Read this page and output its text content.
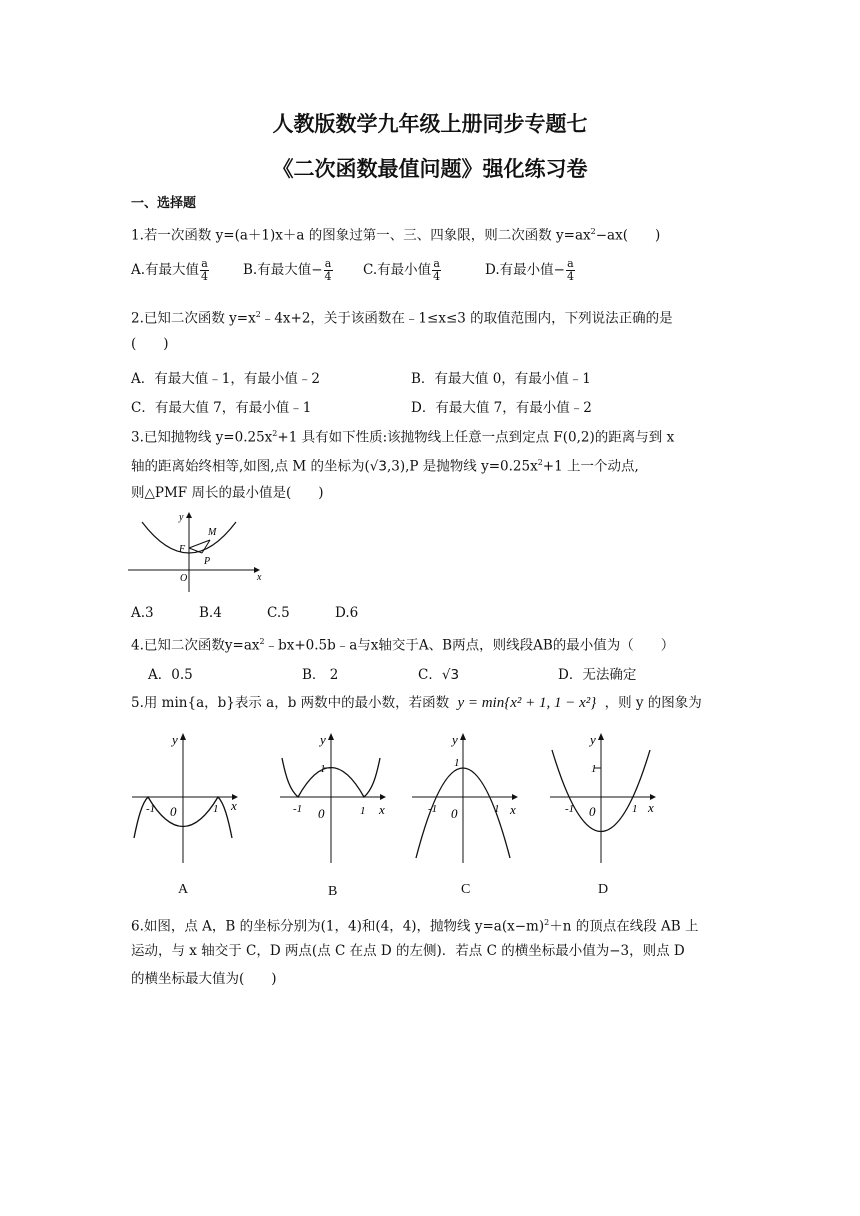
人教版数学九年级上册同步专题七
《二次函数最值问题》强化练习卷
一、选择题
1.若一次函数 y=(a＋1)x＋a 的图象过第一、三、四象限，则二次函数 $y=ax^2-ax$(　　)
A.有最大值 $\frac{a}{4}$	B.有最大值− $\frac{a}{4} C$.有最小值 $\frac{a}{4}$	D.有最小值− $\frac{a}{4}$
2.已知二次函数 $y=x^2﹣4x+2$，关于该函数在﹣1≤x≤3 的取值范围内，下列说法正确的是
(　　)
A．有最大值﹣1，有最小值﹣2	B．有最大值 0，有最小值﹣1
C．有最大值 7，有最小值﹣1	D．有最大值 7，有最小值﹣2
3.已知抛物线 $y=0.25x^2+1$ 具有如下性质:该抛物线上任意一点到定点 F(0,2)的距离与到 x
轴的距离始终相等,如图,点 M 的坐标为(√3,3),P 是抛物线 $y=0.25x^2+1$ 上一个动点,
则△PMF 周长的最小值是(　　)
y
x
M
F
P
O
A.3	B.4	C.5	D.6
4.已知二次函数$y=ax^2﹣bx+0.5b﹣a$与x轴交于A、B两点，则线段AB的最小值为（　　）
A．0.5	B． 2	C．√3	D．无法确定
5.用 min{a，b}表示 a，b 两数中的最小数，若函数 y = min{x² + 1, 1 − x²} ，则 y 的图象为
y
x
0
-1	1
A
y
x
0
-1	1
1
B
y
x
0
-1	1
1
C
y
x
0
-1	1
1
D
6.如图，点 A，B 的坐标分别为(1，4)和(4，4)，抛物线 $y=a(x-m)^2+n$ 的顶点在线段 AB 上
运动，与 x 轴交于 C，D 两点(点 C 在点 D 的左侧)．若点 C 的横坐标最小值为−3，则点 D
的横坐标最大值为(　　)
